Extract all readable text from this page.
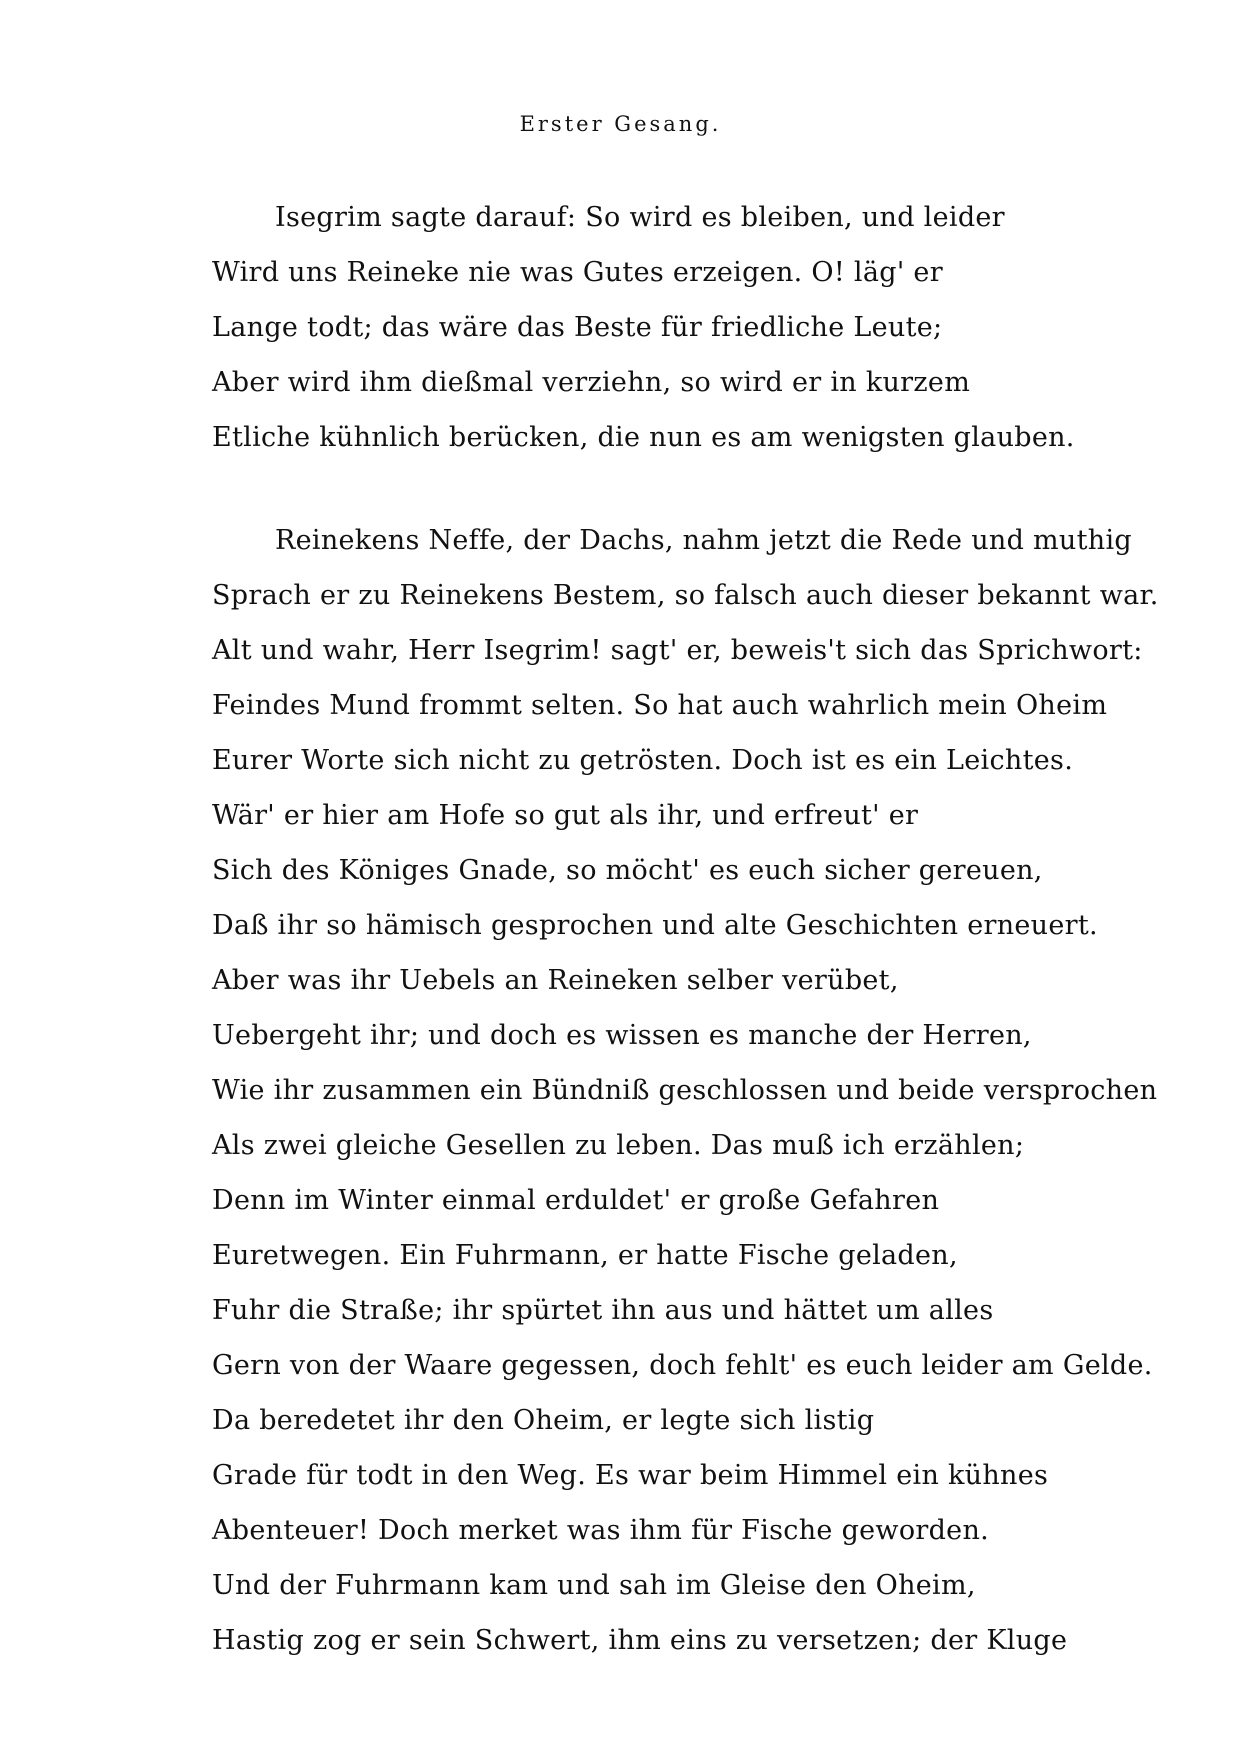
Erster Gesang.
Isegrim sagte darauf: So wird es bleiben, und leider
Wird uns Reineke nie was Gutes erzeigen. O! läg' er
Lange todt; das wäre das Beste für friedliche Leute;
Aber wird ihm dießmal verziehn, so wird er in kurzem
Etliche kühnlich berücken, die nun es am wenigsten glauben.
Reinekens Neffe, der Dachs, nahm jetzt die Rede und muthig
Sprach er zu Reinekens Bestem, so falsch auch dieser bekannt war.
Alt und wahr, Herr Isegrim! sagt' er, beweis't sich das Sprichwort:
Feindes Mund frommt selten. So hat auch wahrlich mein Oheim
Eurer Worte sich nicht zu getrösten. Doch ist es ein Leichtes.
Wär' er hier am Hofe so gut als ihr, und erfreut' er
Sich des Königes Gnade, so möcht' es euch sicher gereuen,
Daß ihr so hämisch gesprochen und alte Geschichten erneuert.
Aber was ihr Uebels an Reineken selber verübet,
Uebergeht ihr; und doch es wissen es manche der Herren,
Wie ihr zusammen ein Bündniß geschlossen und beide versprochen
Als zwei gleiche Gesellen zu leben. Das muß ich erzählen;
Denn im Winter einmal erduldet' er große Gefahren
Euretwegen. Ein Fuhrmann, er hatte Fische geladen,
Fuhr die Straße; ihr spürtet ihn aus und hättet um alles
Gern von der Waare gegessen, doch fehlt' es euch leider am Gelde.
Da beredetet ihr den Oheim, er legte sich listig
Grade für todt in den Weg. Es war beim Himmel ein kühnes
Abenteuer! Doch merket was ihm für Fische geworden.
Und der Fuhrmann kam und sah im Gleise den Oheim,
Hastig zog er sein Schwert, ihm eins zu versetzen; der Kluge
